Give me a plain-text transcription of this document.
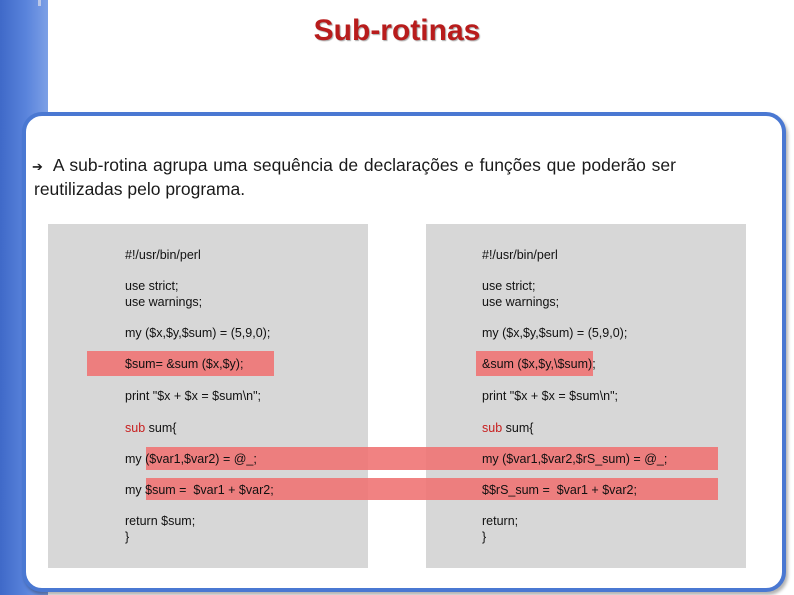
Sub-rotinas
➔ A sub-rotina agrupa uma sequência de declarações e funções que poderão ser reutilizadas pelo programa.
#!/usr/bin/perl
use strict;
use warnings;
my ($x,$y,$sum) = (5,9,0);
$sum= &sum ($x,$y);
print "$x + $x = $sum\n";
sub sum{
my ($var1,$var2) = @_;
my $sum =  $var1 + $var2;
return $sum;
}
#!/usr/bin/perl
use strict;
use warnings;
my ($x,$y,$sum) = (5,9,0);
&sum ($x,$y,\$sum);
print "$x + $x = $sum\n";
sub sum{
my ($var1,$var2,$rS_sum) = @_;
$$rS_sum =  $var1 + $var2;
return;
}
